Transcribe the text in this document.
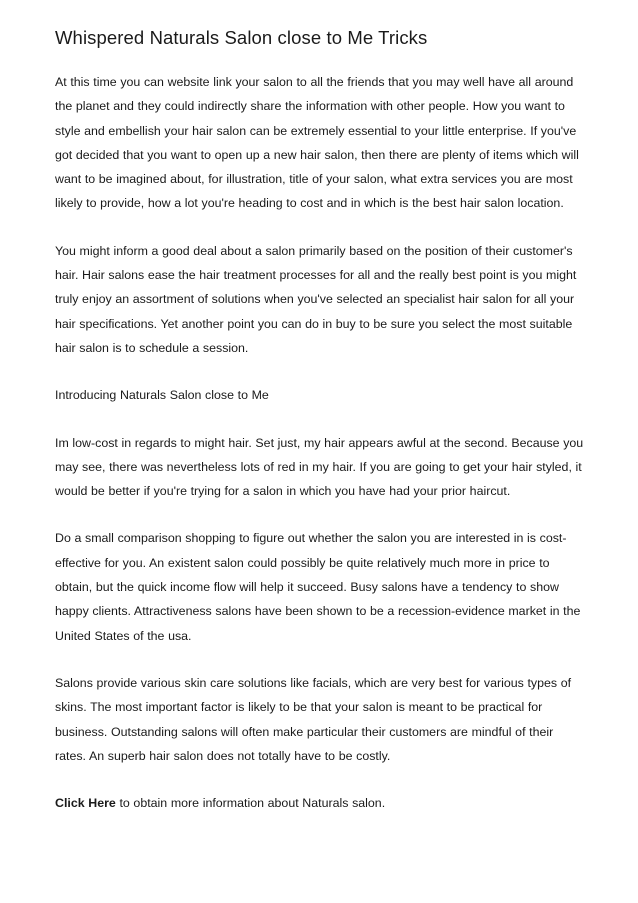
Whispered Naturals Salon close to Me Tricks

At this time you can website link your salon to all the friends that you may well have all around the planet and they could indirectly share the information with other people. How you want to style and embellish your hair salon can be extremely essential to your little enterprise. If you've got decided that you want to open up a new hair salon, then there are plenty of items which will want to be imagined about, for illustration, title of your salon, what extra services you are most likely to provide, how a lot you're heading to cost and in which is the best hair salon location.

You might inform a good deal about a salon primarily based on the position of their customer's hair. Hair salons ease the hair treatment processes for all and the really best point is you might truly enjoy an assortment of solutions when you've selected an specialist hair salon for all your hair specifications. Yet another point you can do in buy to be sure you select the most suitable hair salon is to schedule a session.

Introducing Naturals Salon close to Me

Im low-cost in regards to might hair. Set just, my hair appears awful at the second. Because you may see, there was nevertheless lots of red in my hair. If you are going to get your hair styled, it would be better if you're trying for a salon in which you have had your prior haircut.

Do a small comparison shopping to figure out whether the salon you are interested in is cost-effective for you. An existent salon could possibly be quite relatively much more in price to obtain, but the quick income flow will help it succeed. Busy salons have a tendency to show happy clients. Attractiveness salons have been shown to be a recession-evidence market in the United States of the usa.

Salons provide various skin care solutions like facials, which are very best for various types of skins. The most important factor is likely to be that your salon is meant to be practical for business. Outstanding salons will often make particular their customers are mindful of their rates. An superb hair salon does not totally have to be costly.

Click Here to obtain more information about Naturals salon.
